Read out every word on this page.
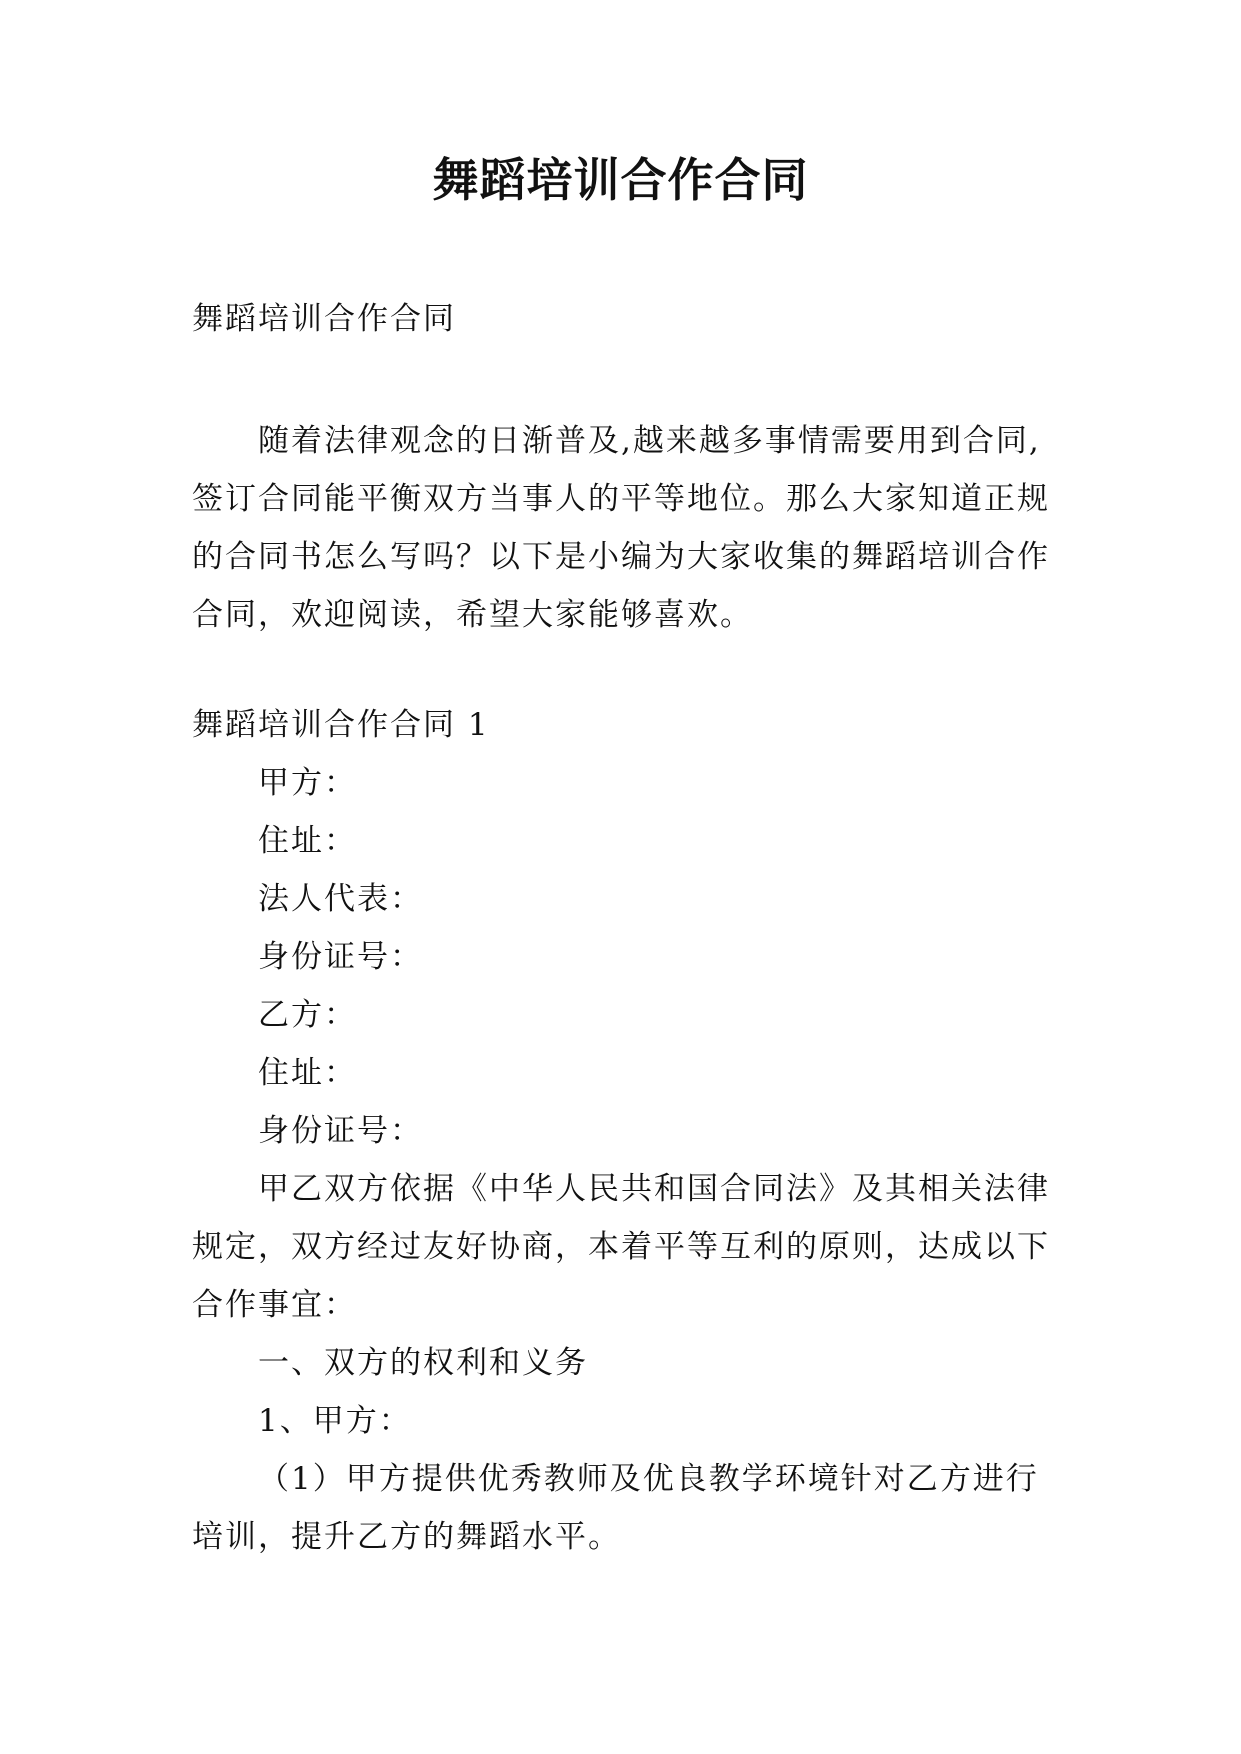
舞蹈培训合作合同

舞蹈培训合作合同

随着法律观念的日渐普及,越来越多事情需要用到合同,签订合同能平衡双方当事人的平等地位。那么大家知道正规的合同书怎么写吗？以下是小编为大家收集的舞蹈培训合作合同，欢迎阅读，希望大家能够喜欢。

舞蹈培训合作合同 1

甲方：
住址：
法人代表：
身份证号：
乙方：
住址：
身份证号：

甲乙双方依据《中华人民共和国合同法》及其相关法律规定，双方经过友好协商，本着平等互利的原则，达成以下合作事宜：

一、双方的权利和义务

1、甲方：

（1）甲方提供优秀教师及优良教学环境针对乙方进行培训，提升乙方的舞蹈水平。
